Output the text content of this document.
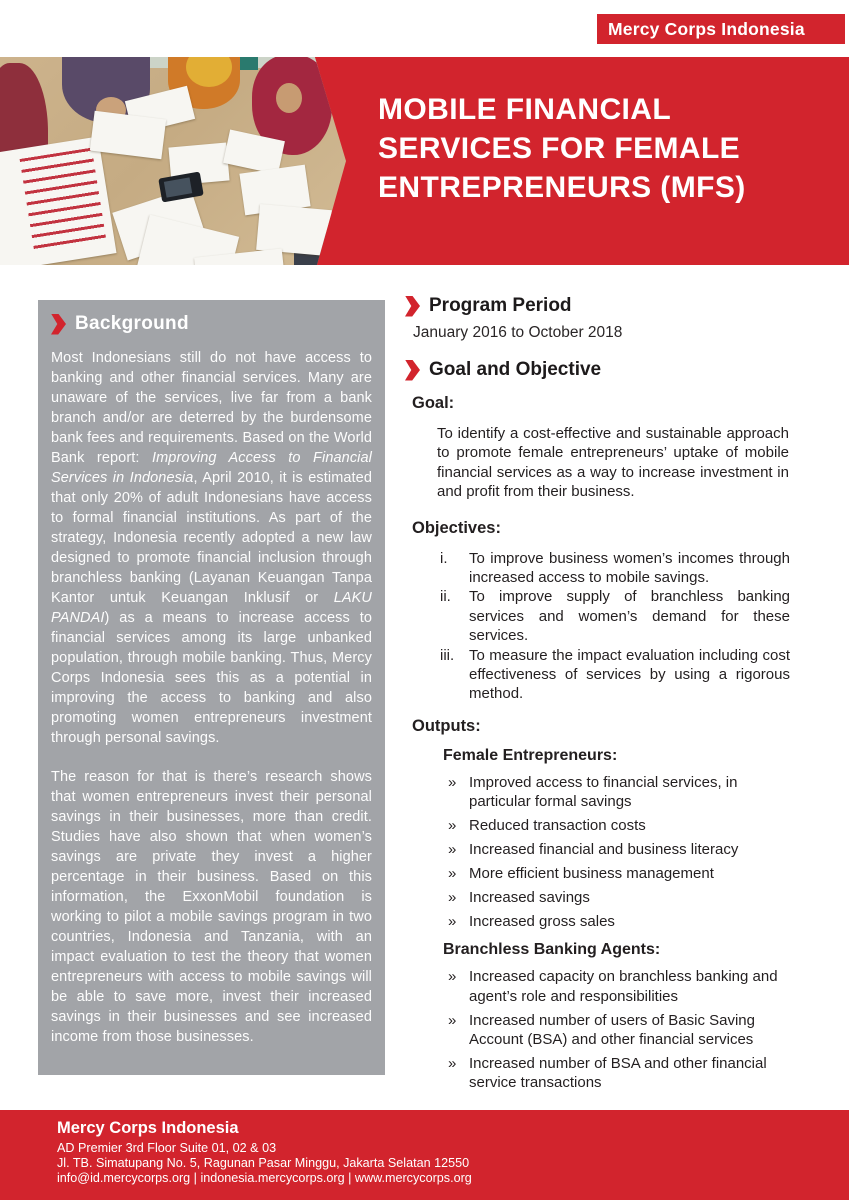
Mercy Corps Indonesia
MOBILE FINANCIAL
SERVICES FOR FEMALE
ENTREPRENEURS (MFS)
Background

Most Indonesians still do not have access to banking and other financial services. Many are unaware of the services, live far from a bank branch and/or are deterred by the burdensome bank fees and requirements. Based on the World Bank report: Improving Access to Financial Services in Indonesia, April 2010, it is estimated that only 20% of adult Indonesians have access to formal financial institutions. As part of the strategy, Indonesia recently adopted a new law designed to promote financial inclusion through branchless banking (Layanan Keuangan Tanpa Kantor untuk Keuangan Inklusif or LAKU PANDAI) as a means to increase access to financial services among its large unbanked population, through mobile banking. Thus, Mercy Corps Indonesia sees this as a potential in improving the access to banking and also promoting women entrepreneurs investment through personal savings.

The reason for that is there’s research shows that women entrepreneurs invest their personal savings in their businesses, more than credit. Studies have also shown that when women’s savings are private they invest a higher percentage in their business. Based on this information, the ExxonMobil foundation is working to pilot a mobile savings program in two countries, Indonesia and Tanzania, with an impact evaluation to test the theory that women entrepreneurs with access to mobile savings will be able to save more, invest their increased savings in their businesses and see increased income from those businesses.

Program Period

January 2016 to October 2018

Goal and Objective

Goal:

To identify a cost-effective and sustainable approach to promote female entrepreneurs’ uptake of mobile financial services as a way to increase investment in and profit from their business.

Objectives:

i.	To improve business women’s incomes through increased access to mobile savings.
ii.	To improve supply of branchless banking services and women’s demand for these services.
iii. To measure the impact evaluation including cost effectiveness of services by using a rigorous method.

Outputs:

Female Entrepreneurs:

» Improved access to financial services, in particular formal savings
» Reduced transaction costs
» Increased financial and business literacy
» More efficient business management
» Increased savings
» Increased gross sales

Branchless Banking Agents:

» Increased capacity on branchless banking and agent’s role and responsibilities
» Increased number of users of Basic Saving Account (BSA) and other financial services
» Increased number of BSA and other financial service transactions
Mercy Corps Indonesia
AD Premier 3rd Floor Suite 01, 02 & 03
Jl. TB. Simatupang No. 5, Ragunan Pasar Minggu, Jakarta Selatan 12550
info@id.mercycorps.org | indonesia.mercycorps.org | www.mercycorps.org
